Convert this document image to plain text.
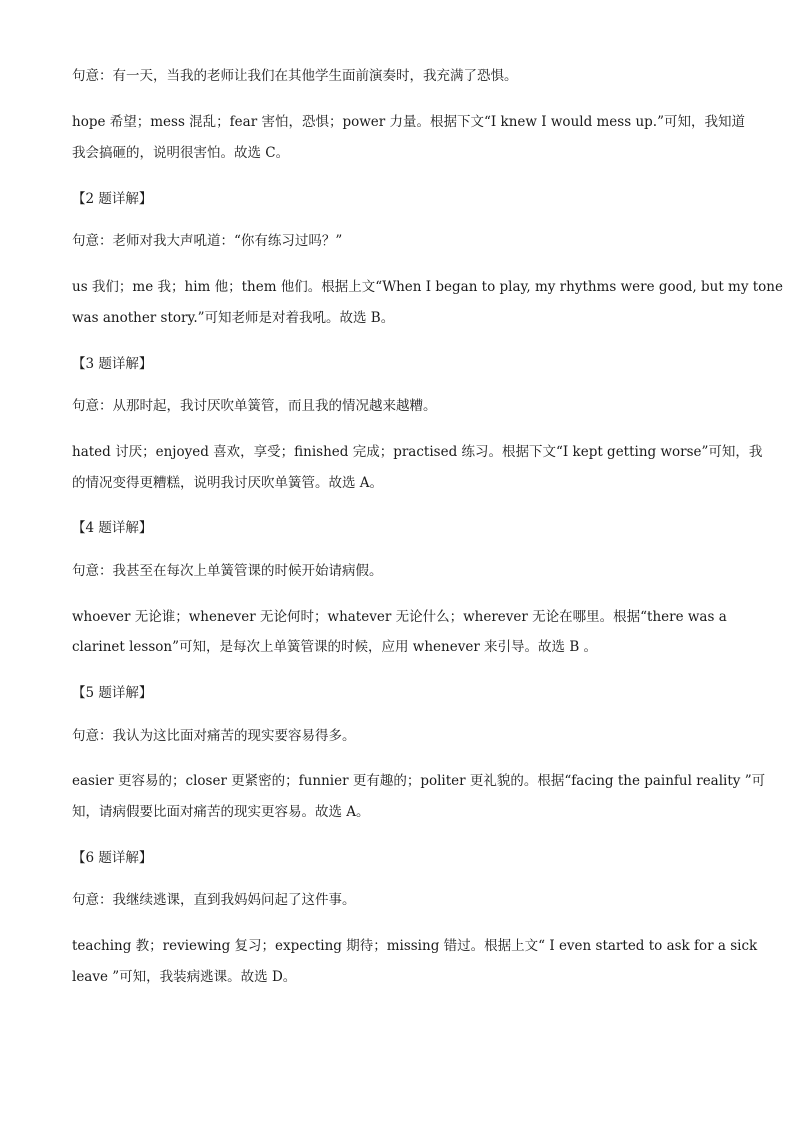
句意：有一天，当我的老师让我们在其他学生面前演奏时，我充满了恐惧。
hope 希望；mess 混乱；fear 害怕，恐惧；power 力量。根据下文“I knew I would mess up.”可知，我知道
我会搞砸的，说明很害怕。故选 C。
【2 题详解】
句意：老师对我大声吼道：“你有练习过吗？”
us 我们；me 我；him 他；them 他们。根据上文“When I began to play, my rhythms were good, but my tone
was another story.”可知老师是对着我吼。故选 B。
【3 题详解】
句意：从那时起，我讨厌吹单簧管，而且我的情况越来越糟。
hated 讨厌；enjoyed 喜欢，享受；finished 完成；practised 练习。根据下文“I kept getting worse”可知，我
的情况变得更糟糕，说明我讨厌吹单簧管。故选 A。
【4 题详解】
句意：我甚至在每次上单簧管课的时候开始请病假。
whoever 无论谁；whenever 无论何时；whatever 无论什么；wherever 无论在哪里。根据“there was a
clarinet lesson”可知，是每次上单簧管课的时候，应用 whenever 来引导。故选 B 。
【5 题详解】
句意：我认为这比面对痛苦的现实要容易得多。
easier 更容易的；closer 更紧密的；funnier 更有趣的；politer 更礼貌的。根据“facing the painful reality ”可
知，请病假要比面对痛苦的现实更容易。故选 A。
【6 题详解】
句意：我继续逃课，直到我妈妈问起了这件事。
teaching 教；reviewing 复习；expecting 期待；missing 错过。根据上文“ I even started to ask for a sick
leave ”可知，我装病逃课。故选 D。
